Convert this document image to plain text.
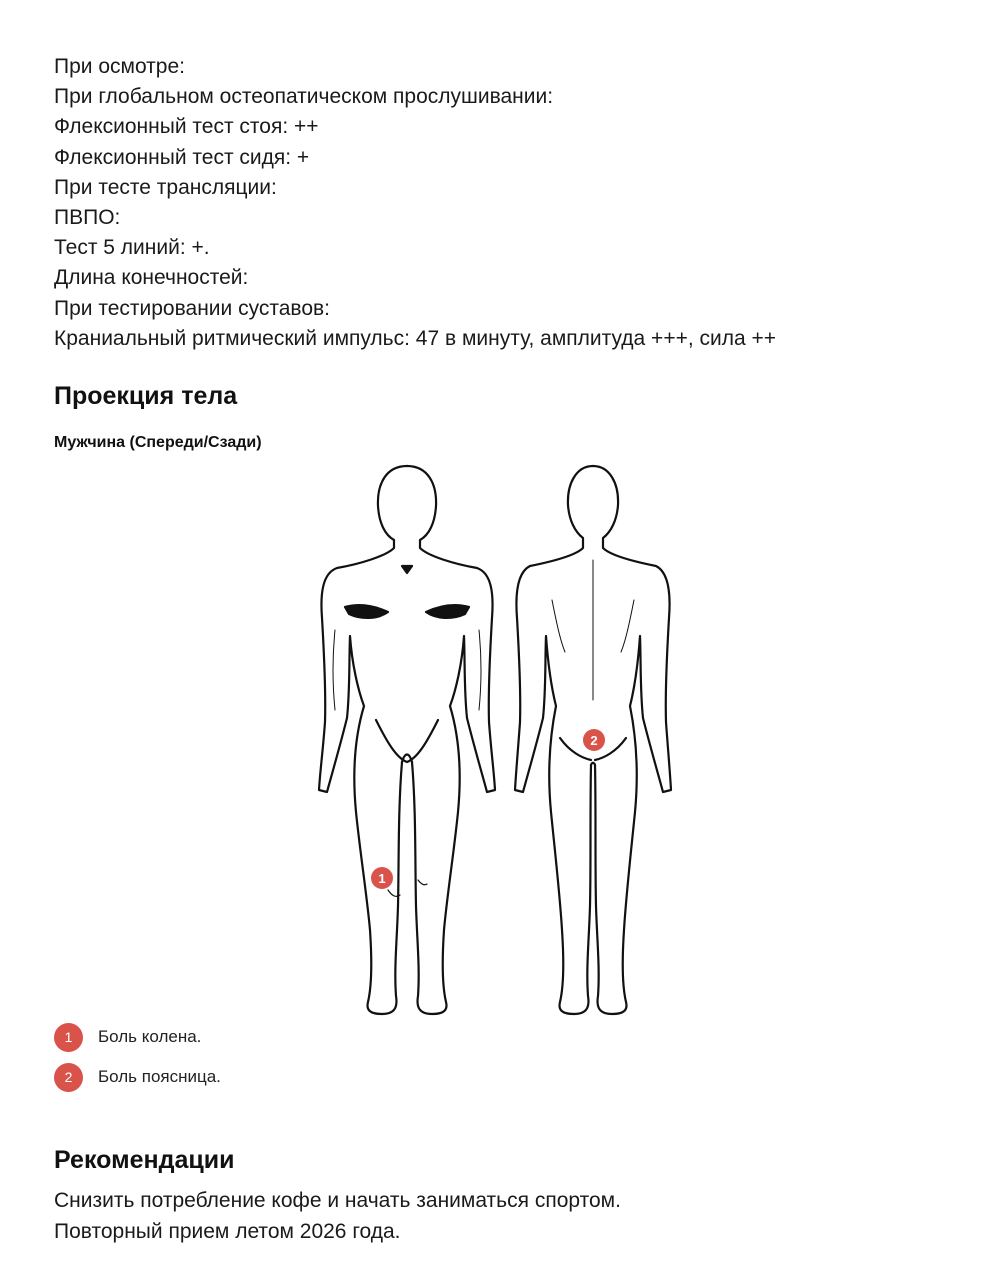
При осмотре:
При глобальном остеопатическом прослушивании:
Флексионный тест стоя: ++
Флексионный тест сидя: +
При тесте трансляции:
ПВПО:
Тест 5 линий: +.
Длина конечностей:
При тестировании суставов:
Краниальный ритмический импульс: 47 в минуту, амплитуда +++, сила ++
Проекция тела
Мужчина (Спереди/Сзади)
1
2
1	Боль колена.
2	Боль поясница.
Рекомендации
Снизить потребление кофе и начать заниматься спортом.
Повторный прием летом 2026 года.
